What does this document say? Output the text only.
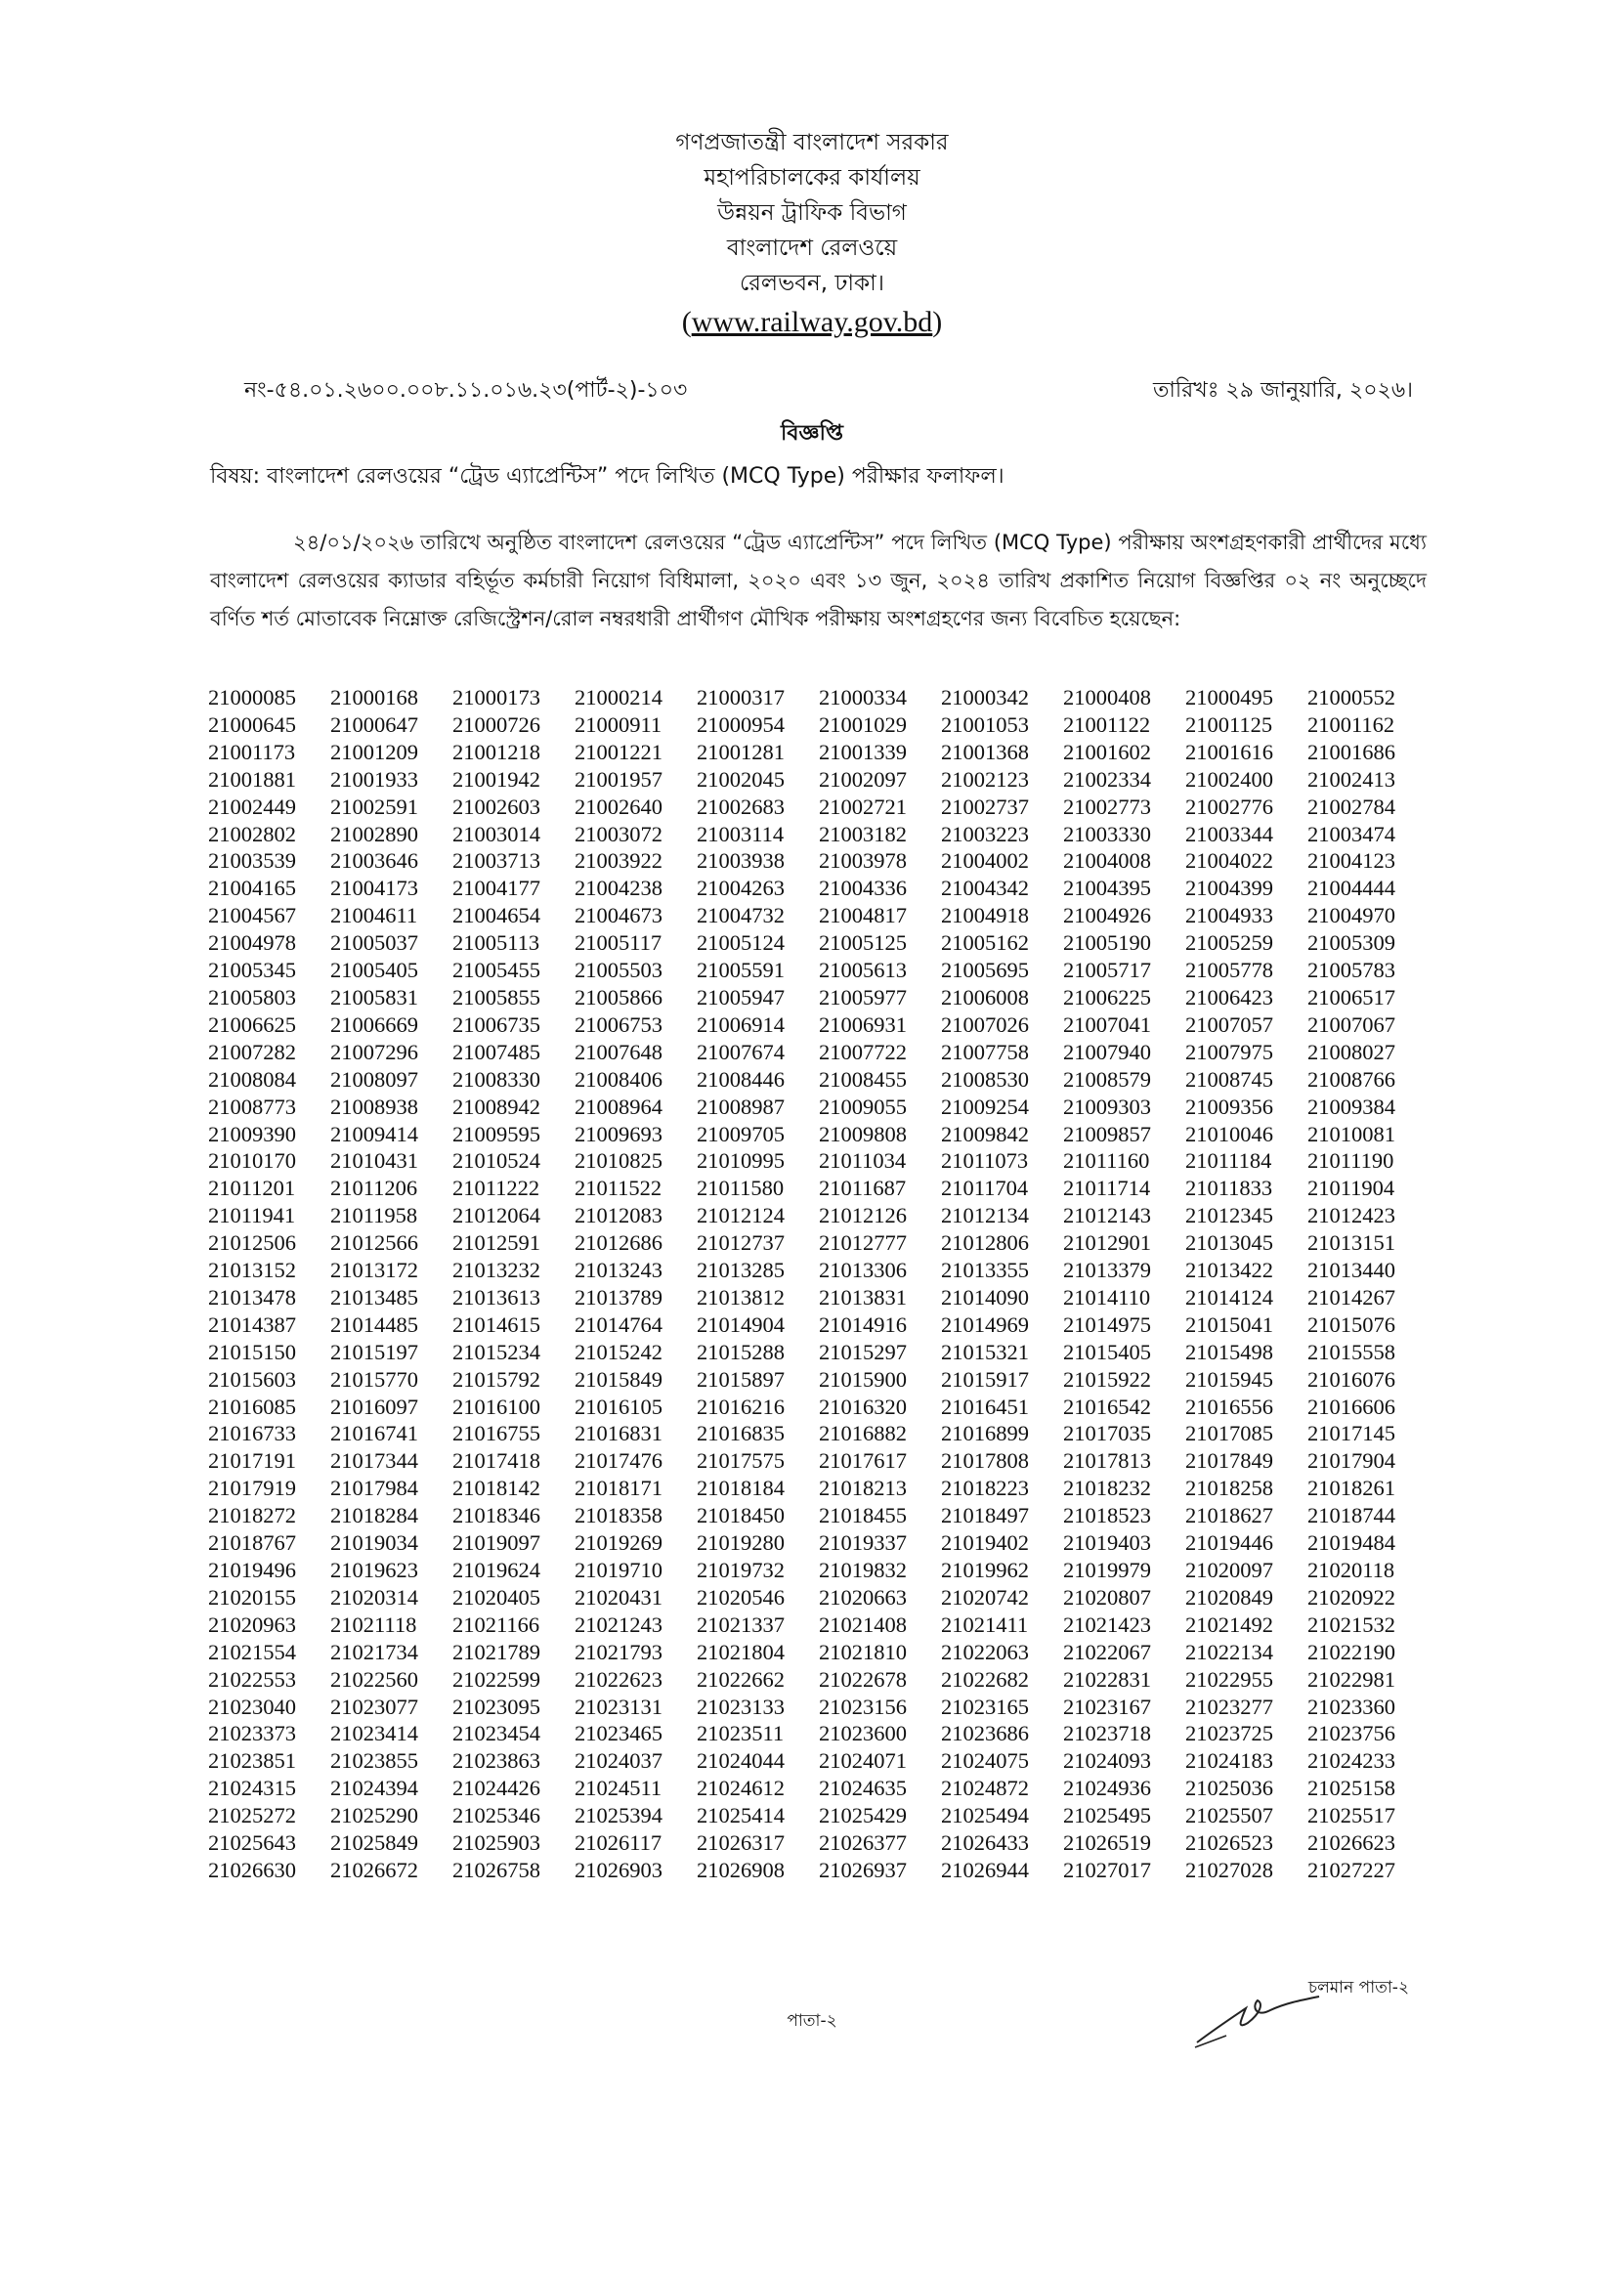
গণপ্রজাতন্ত্রী বাংলাদেশ সরকার
মহাপরিচালকের কার্যালয়
উন্নয়ন ট্রাফিক বিভাগ
বাংলাদেশ রেলওয়ে
রেলভবন, ঢাকা।
(www.railway.gov.bd)
নং-৫৪.০১.২৬০০.০০৮.১১.০১৬.২৩(পার্ট-২)-১০৩	তারিখঃ ২৯ জানুয়ারি, ২০২৬।
বিজ্ঞপ্তি
বিষয়: বাংলাদেশ রেলওয়ের “ট্রেড এ্যাপ্রেন্টিস” পদে লিখিত (MCQ Type) পরীক্ষার ফলাফল।
২৪/০১/২০২৬ তারিখে অনুষ্ঠিত বাংলাদেশ রেলওয়ের “ট্রেড এ্যাপ্রেন্টিস” পদে লিখিত (MCQ Type) পরীক্ষায় অংশগ্রহণকারী প্রার্থীদের মধ্যে বাংলাদেশ রেলওয়ের ক্যাডার বহির্ভূত কর্মচারী নিয়োগ বিধিমালা, ২০২০ এবং ১৩ জুন, ২০২৪ তারিখ প্রকাশিত নিয়োগ বিজ্ঞপ্তির ০২ নং অনুচ্ছেদে বর্ণিত শর্ত মোতাবেক নিম্নোক্ত রেজিস্ট্রেশন/রোল নম্বরধারী প্রার্থীগণ মৌখিক পরীক্ষায় অংশগ্রহণের জন্য বিবেচিত হয়েছেন:
21000085	21000168	21000173	21000214	21000317	21000334	21000342	21000408	21000495	21000552
21000645	21000647	21000726	21000911	21000954	21001029	21001053	21001122	21001125	21001162
21001173	21001209	21001218	21001221	21001281	21001339	21001368	21001602	21001616	21001686
21001881	21001933	21001942	21001957	21002045	21002097	21002123	21002334	21002400	21002413
21002449	21002591	21002603	21002640	21002683	21002721	21002737	21002773	21002776	21002784
21002802	21002890	21003014	21003072	21003114	21003182	21003223	21003330	21003344	21003474
21003539	21003646	21003713	21003922	21003938	21003978	21004002	21004008	21004022	21004123
21004165	21004173	21004177	21004238	21004263	21004336	21004342	21004395	21004399	21004444
21004567	21004611	21004654	21004673	21004732	21004817	21004918	21004926	21004933	21004970
21004978	21005037	21005113	21005117	21005124	21005125	21005162	21005190	21005259	21005309
21005345	21005405	21005455	21005503	21005591	21005613	21005695	21005717	21005778	21005783
21005803	21005831	21005855	21005866	21005947	21005977	21006008	21006225	21006423	21006517
21006625	21006669	21006735	21006753	21006914	21006931	21007026	21007041	21007057	21007067
21007282	21007296	21007485	21007648	21007674	21007722	21007758	21007940	21007975	21008027
21008084	21008097	21008330	21008406	21008446	21008455	21008530	21008579	21008745	21008766
21008773	21008938	21008942	21008964	21008987	21009055	21009254	21009303	21009356	21009384
21009390	21009414	21009595	21009693	21009705	21009808	21009842	21009857	21010046	21010081
21010170	21010431	21010524	21010825	21010995	21011034	21011073	21011160	21011184	21011190
21011201	21011206	21011222	21011522	21011580	21011687	21011704	21011714	21011833	21011904
21011941	21011958	21012064	21012083	21012124	21012126	21012134	21012143	21012345	21012423
21012506	21012566	21012591	21012686	21012737	21012777	21012806	21012901	21013045	21013151
21013152	21013172	21013232	21013243	21013285	21013306	21013355	21013379	21013422	21013440
21013478	21013485	21013613	21013789	21013812	21013831	21014090	21014110	21014124	21014267
21014387	21014485	21014615	21014764	21014904	21014916	21014969	21014975	21015041	21015076
21015150	21015197	21015234	21015242	21015288	21015297	21015321	21015405	21015498	21015558
21015603	21015770	21015792	21015849	21015897	21015900	21015917	21015922	21015945	21016076
21016085	21016097	21016100	21016105	21016216	21016320	21016451	21016542	21016556	21016606
21016733	21016741	21016755	21016831	21016835	21016882	21016899	21017035	21017085	21017145
21017191	21017344	21017418	21017476	21017575	21017617	21017808	21017813	21017849	21017904
21017919	21017984	21018142	21018171	21018184	21018213	21018223	21018232	21018258	21018261
21018272	21018284	21018346	21018358	21018450	21018455	21018497	21018523	21018627	21018744
21018767	21019034	21019097	21019269	21019280	21019337	21019402	21019403	21019446	21019484
21019496	21019623	21019624	21019710	21019732	21019832	21019962	21019979	21020097	21020118
21020155	21020314	21020405	21020431	21020546	21020663	21020742	21020807	21020849	21020922
21020963	21021118	21021166	21021243	21021337	21021408	21021411	21021423	21021492	21021532
21021554	21021734	21021789	21021793	21021804	21021810	21022063	21022067	21022134	21022190
21022553	21022560	21022599	21022623	21022662	21022678	21022682	21022831	21022955	21022981
21023040	21023077	21023095	21023131	21023133	21023156	21023165	21023167	21023277	21023360
21023373	21023414	21023454	21023465	21023511	21023600	21023686	21023718	21023725	21023756
21023851	21023855	21023863	21024037	21024044	21024071	21024075	21024093	21024183	21024233
21024315	21024394	21024426	21024511	21024612	21024635	21024872	21024936	21025036	21025158
21025272	21025290	21025346	21025394	21025414	21025429	21025494	21025495	21025507	21025517
21025643	21025849	21025903	21026117	21026317	21026377	21026433	21026519	21026523	21026623
21026630	21026672	21026758	21026903	21026908	21026937	21026944	21027017	21027028	21027227
চলমান পাতা-২
পাতা-২
